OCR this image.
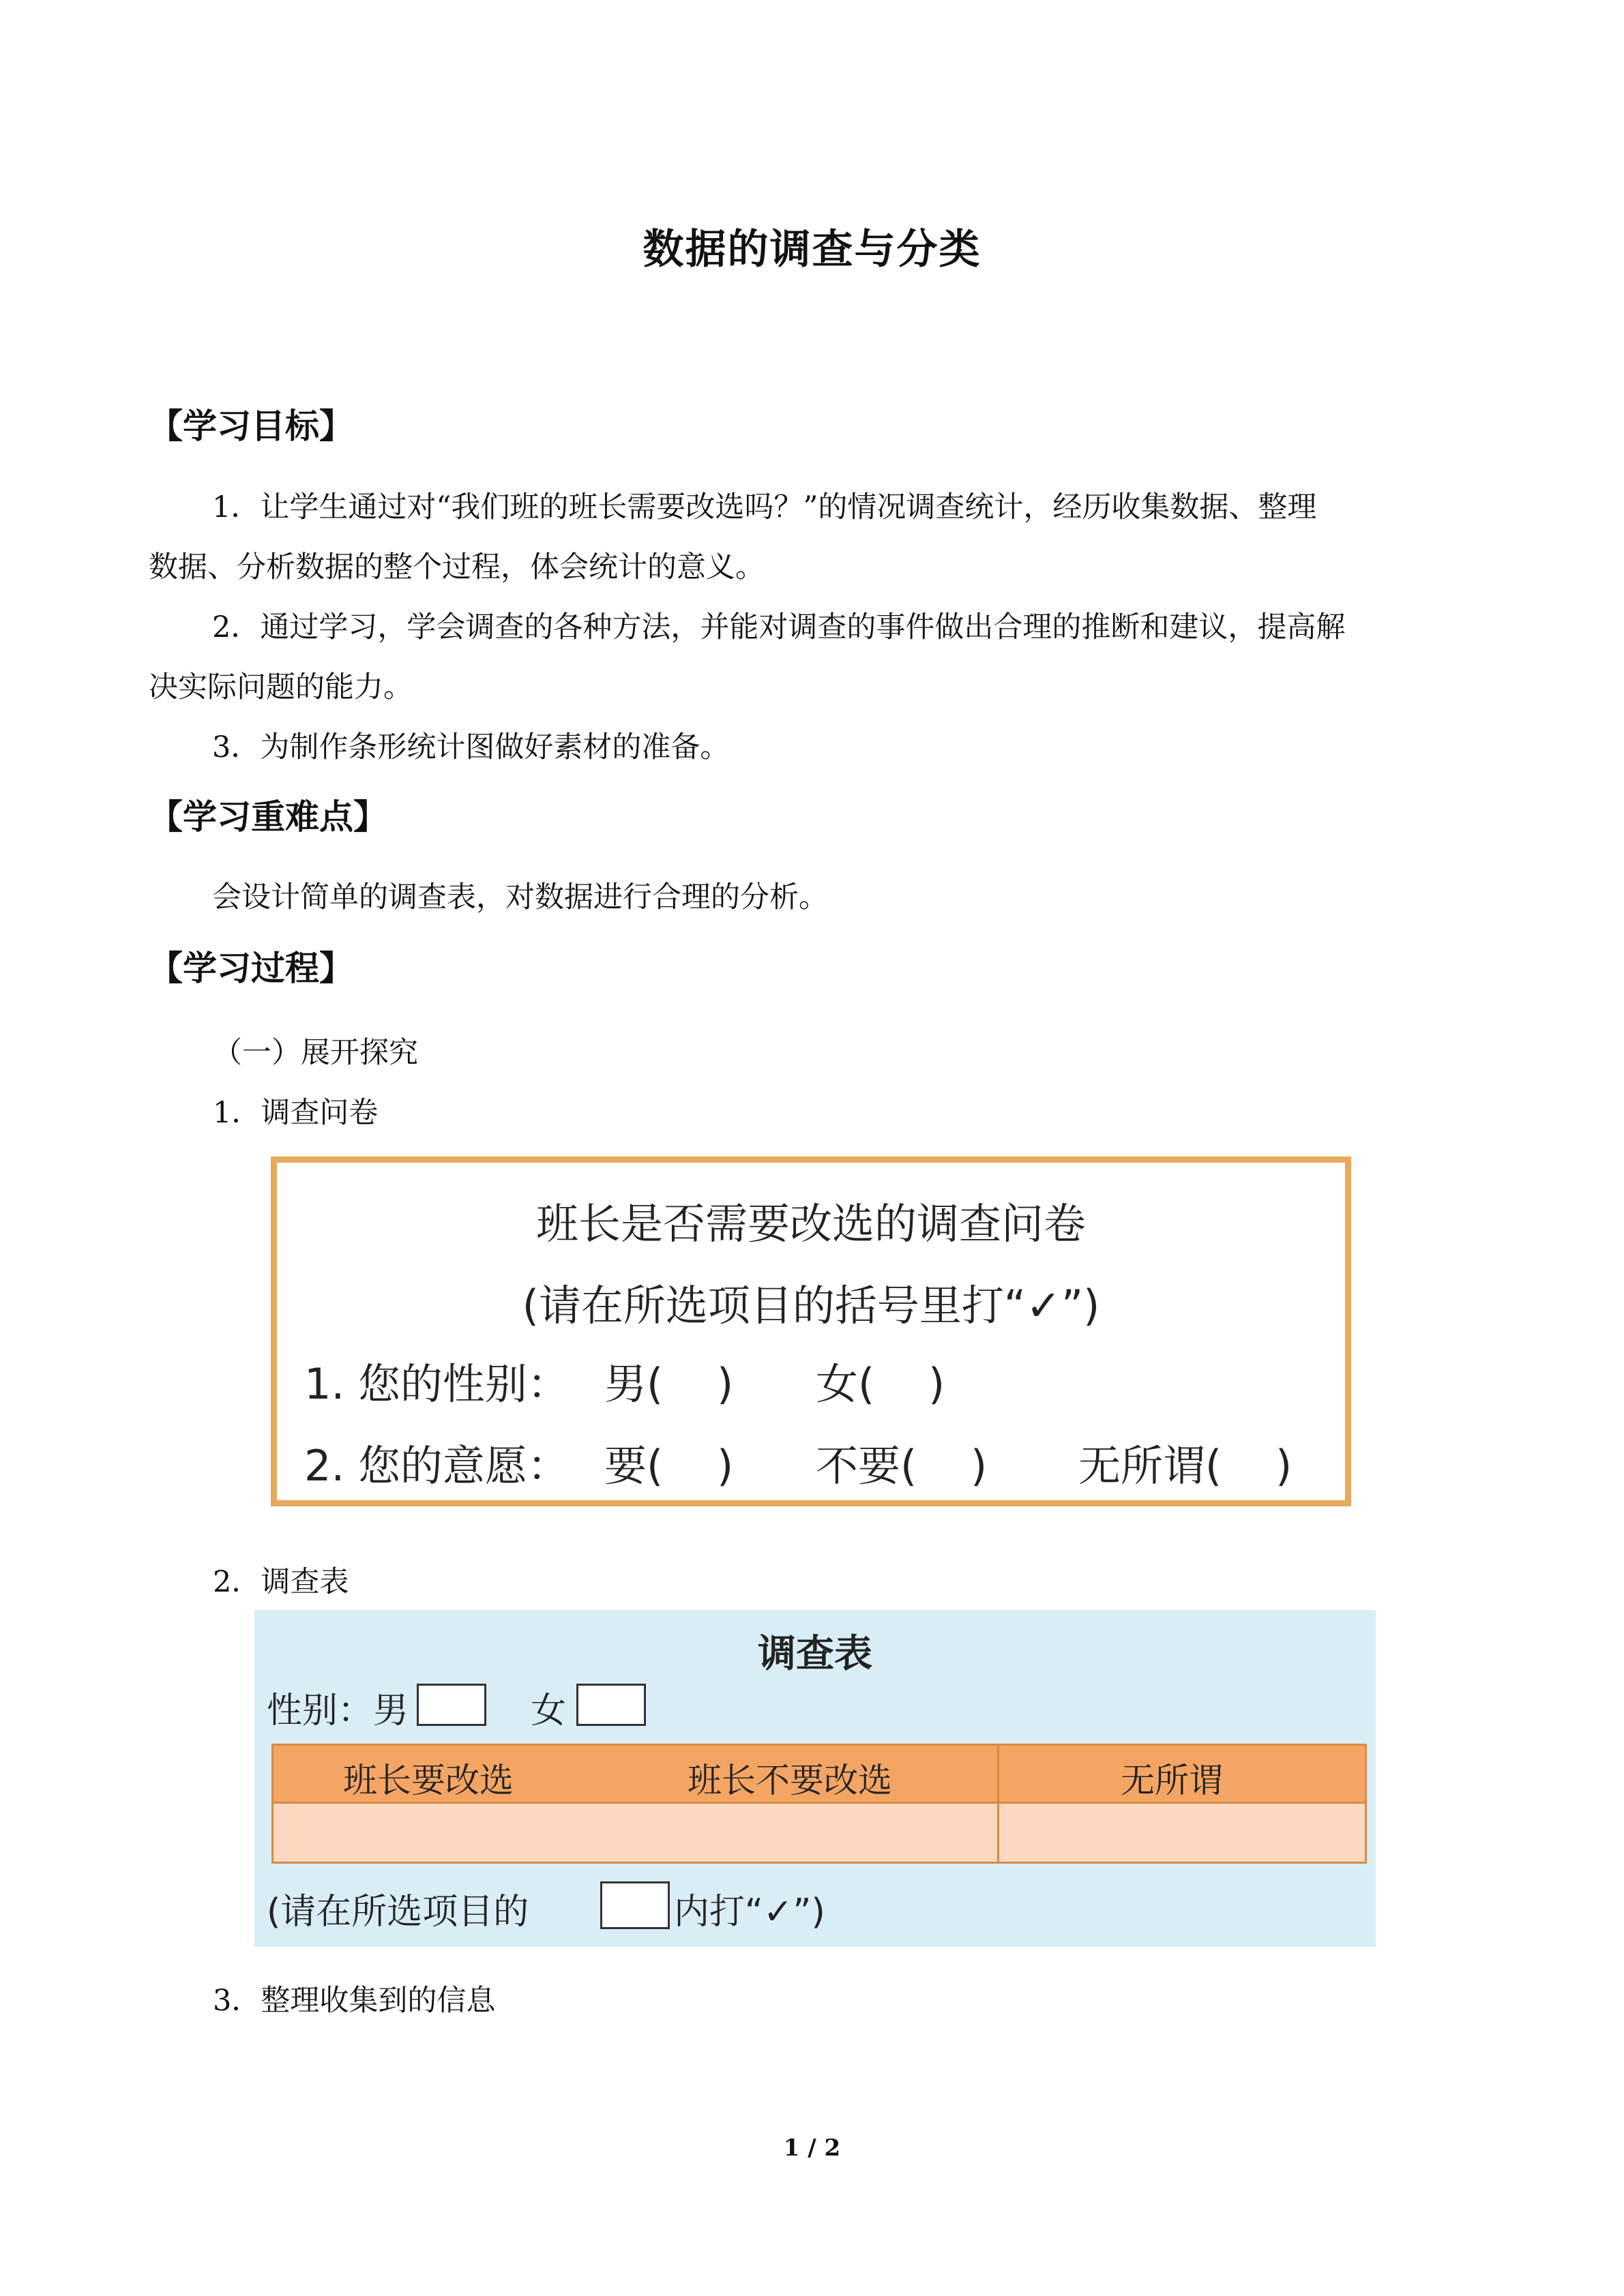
数据的调查与分类
【学习目标】
1．让学生通过对“我们班的班长需要改选吗？”的情况调查统计，经历收集数据、整理
数据、分析数据的整个过程，体会统计的意义。
2．通过学习，学会调查的各种方法，并能对调查的事件做出合理的推断和建议，提高解
决实际问题的能力。
3．为制作条形统计图做好素材的准备。
【学习重难点】
会设计简单的调查表，对数据进行合理的分析。
【学习过程】
（一）展开探究
1．调查问卷
班长是否需要改选的调查问卷
(请在所选项目的括号里打“✓”)
1. 您的性别： 男(    ) 女(    )
2. 您的意愿： 要(    ) 不要(    ) 无所谓(    )
2．调查表
调查表
性别：男	女
班长要改选	班长不要改选	无所谓
(请在所选项目的	内打“✓”)
3．整理收集到的信息
1 / 2
